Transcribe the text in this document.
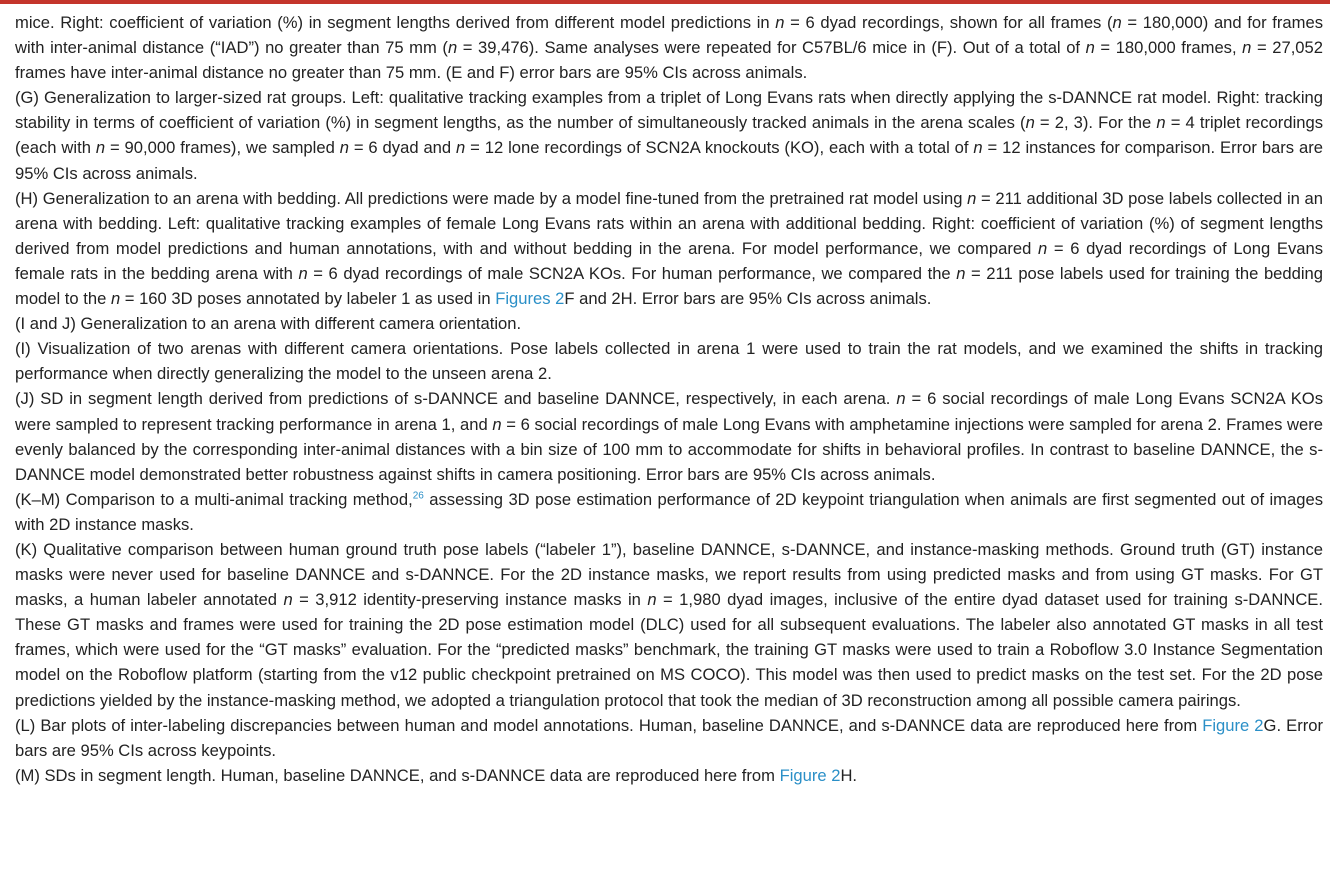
mice. Right: coefficient of variation (%) in segment lengths derived from different model predictions in n = 6 dyad recordings, shown for all frames (n = 180,000) and for frames with inter-animal distance (“IAD”) no greater than 75 mm (n = 39,476). Same analyses were repeated for C57BL/6 mice in (F). Out of a total of n = 180,000 frames, n = 27,052 frames have inter-animal distance no greater than 75 mm. (E and F) error bars are 95% CIs across animals.

(G) Generalization to larger-sized rat groups. Left: qualitative tracking examples from a triplet of Long Evans rats when directly applying the s-DANNCE rat model. Right: tracking stability in terms of coefficient of variation (%) in segment lengths, as the number of simultaneously tracked animals in the arena scales (n = 2, 3). For the n = 4 triplet recordings (each with n = 90,000 frames), we sampled n = 6 dyad and n = 12 lone recordings of SCN2A knockouts (KO), each with a total of n = 12 instances for comparison. Error bars are 95% CIs across animals.

(H) Generalization to an arena with bedding. All predictions were made by a model fine-tuned from the pretrained rat model using n = 211 additional 3D pose labels collected in an arena with bedding. Left: qualitative tracking examples of female Long Evans rats within an arena with additional bedding. Right: coefficient of variation (%) of segment lengths derived from model predictions and human annotations, with and without bedding in the arena. For model performance, we compared n = 6 dyad recordings of Long Evans female rats in the bedding arena with n = 6 dyad recordings of male SCN2A KOs. For human performance, we compared the n = 211 pose labels used for training the bedding model to the n = 160 3D poses annotated by labeler 1 as used in Figures 2F and 2H. Error bars are 95% CIs across animals.

(I and J) Generalization to an arena with different camera orientation.

(I) Visualization of two arenas with different camera orientations. Pose labels collected in arena 1 were used to train the rat models, and we examined the shifts in tracking performance when directly generalizing the model to the unseen arena 2.

(J) SD in segment length derived from predictions of s-DANNCE and baseline DANNCE, respectively, in each arena. n = 6 social recordings of male Long Evans SCN2A KOs were sampled to represent tracking performance in arena 1, and n = 6 social recordings of male Long Evans with amphetamine injections were sampled for arena 2. Frames were evenly balanced by the corresponding inter-animal distances with a bin size of 100 mm to accommodate for shifts in behavioral profiles. In contrast to baseline DANNCE, the s-DANNCE model demonstrated better robustness against shifts in camera positioning. Error bars are 95% CIs across animals.

(K–M) Comparison to a multi-animal tracking method,$^{26}$ assessing 3D pose estimation performance of 2D keypoint triangulation when animals are first segmented out of images with 2D instance masks.

(K) Qualitative comparison between human ground truth pose labels (“labeler 1”), baseline DANNCE, s-DANNCE, and instance-masking methods. Ground truth (GT) instance masks were never used for baseline DANNCE and s-DANNCE. For the 2D instance masks, we report results from using predicted masks and from using GT masks. For GT masks, a human labeler annotated n = 3,912 identity-preserving instance masks in n = 1,980 dyad images, inclusive of the entire dyad dataset used for training s-DANNCE. These GT masks and frames were used for training the 2D pose estimation model (DLC) used for all subsequent evaluations. The labeler also annotated GT masks in all test frames, which were used for the “GT masks” evaluation. For the “predicted masks” benchmark, the training GT masks were used to train a Roboflow 3.0 Instance Segmentation model on the Roboflow platform (starting from the v12 public checkpoint pretrained on MS COCO). This model was then used to predict masks on the test set. For the 2D pose predictions yielded by the instance-masking method, we adopted a triangulation protocol that took the median of 3D reconstruction among all possible camera pairings.

(L) Bar plots of inter-labeling discrepancies between human and model annotations. Human, baseline DANNCE, and s-DANNCE data are reproduced here from Figure 2G. Error bars are 95% CIs across keypoints.

(M) SDs in segment length. Human, baseline DANNCE, and s-DANNCE data are reproduced here from Figure 2H.
